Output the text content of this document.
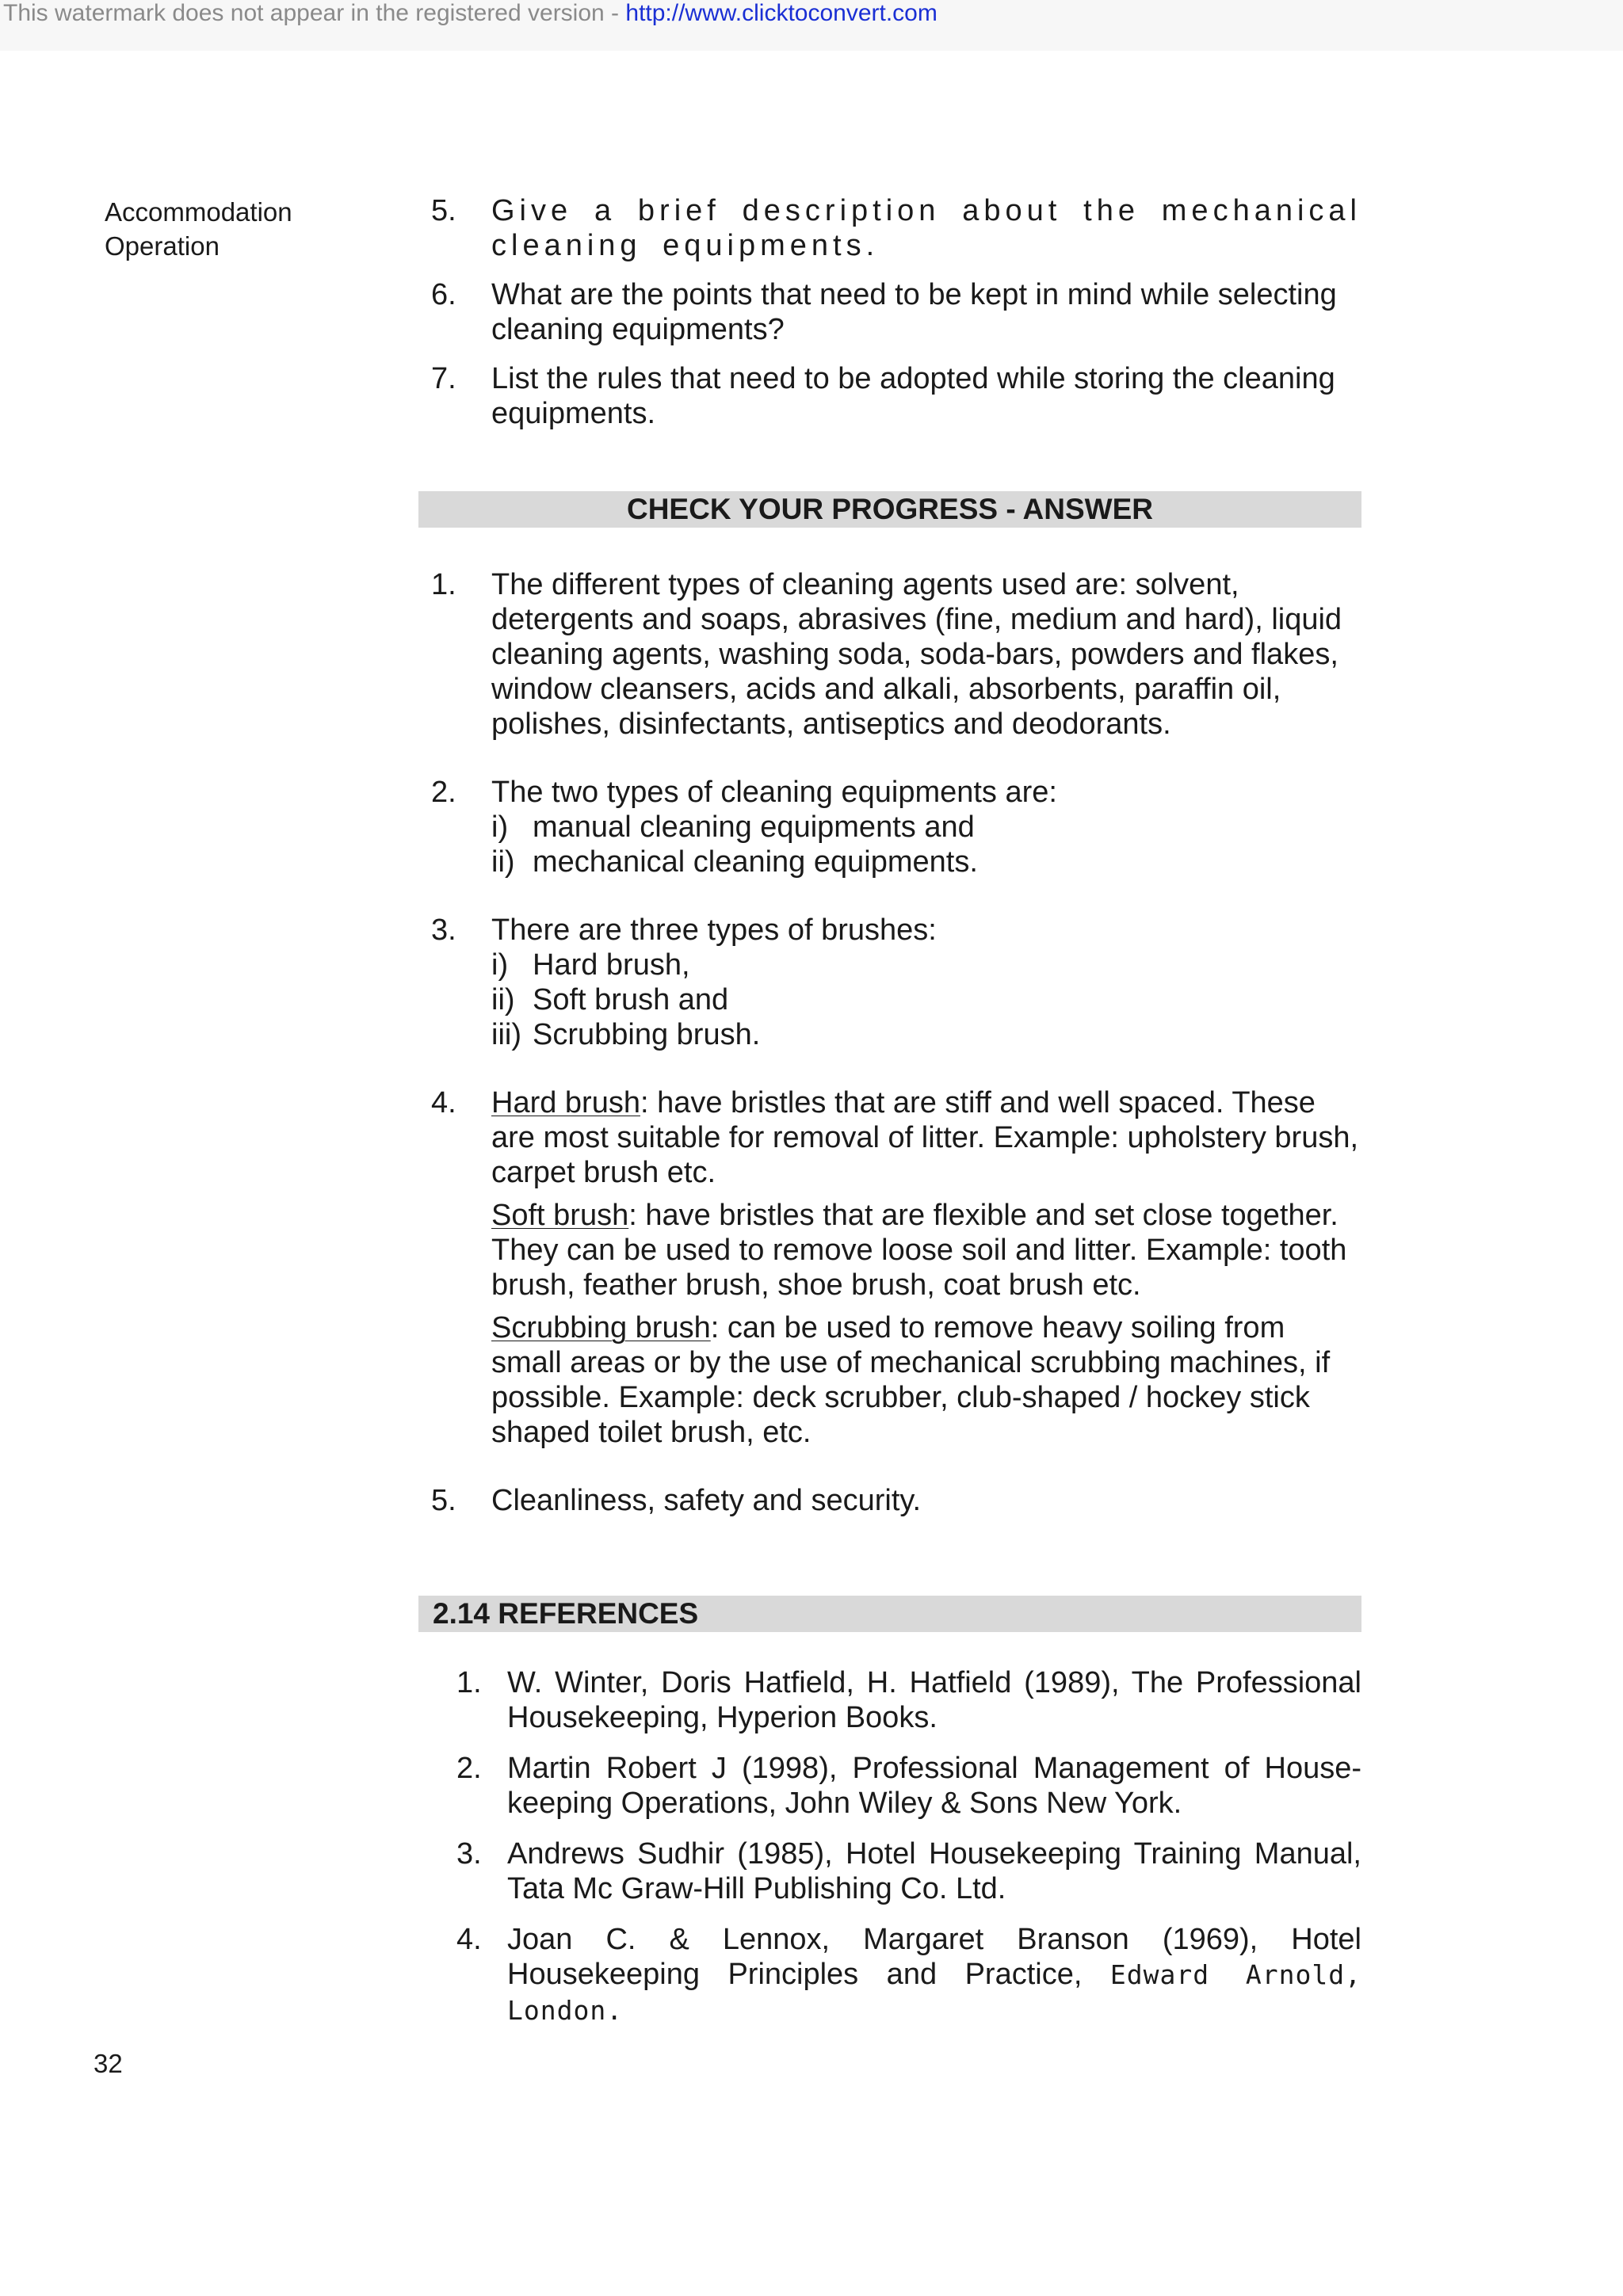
This watermark does not appear in the registered version - http://www.clicktoconvert.com
Accommodation
Operation
5. Give a brief description about the mechanical cleaning equipments.
6. What are the points that need to be kept in mind while selecting cleaning equipments?
7. List the rules that need to be adopted while storing the cleaning equipments.
CHECK YOUR PROGRESS - ANSWER
1. The different types of cleaning agents used are: solvent, detergents and soaps, abrasives (fine, medium and hard), liquid cleaning agents, washing soda, soda-bars, powders and flakes, window cleansers, acids and alkali, absorbents, paraffin oil, polishes, disinfectants, antiseptics and deodorants.
2. The two types of cleaning equipments are:
i) manual cleaning equipments and
ii) mechanical cleaning equipments.
3. There are three types of brushes:
i) Hard brush,
ii) Soft brush and
iii) Scrubbing brush.
4. Hard brush: have bristles that are stiff and well spaced. These are most suitable for removal of litter. Example: upholstery brush, carpet brush etc.
Soft brush: have bristles that are flexible and set close together. They can be used to remove loose soil and litter. Example: tooth brush, feather brush, shoe brush, coat brush etc.
Scrubbing brush: can be used to remove heavy soiling from small areas or by the use of mechanical scrubbing machines, if possible. Example: deck scrubber, club-shaped / hockey stick shaped toilet brush, etc.
5. Cleanliness, safety and security.
2.14 REFERENCES
1. W. Winter, Doris Hatfield, H. Hatfield (1989), The Professional Housekeeping, Hyperion Books.
2. Martin Robert J (1998), Professional Management of House-keeping Operations, John Wiley & Sons New York.
3. Andrews Sudhir (1985), Hotel Housekeeping Training Manual, Tata Mc Graw-Hill Publishing Co. Ltd.
4. Joan C. & Lennox, Margaret Branson (1969), Hotel Housekeeping Principles and Practice, Edward Arnold, London.
32
